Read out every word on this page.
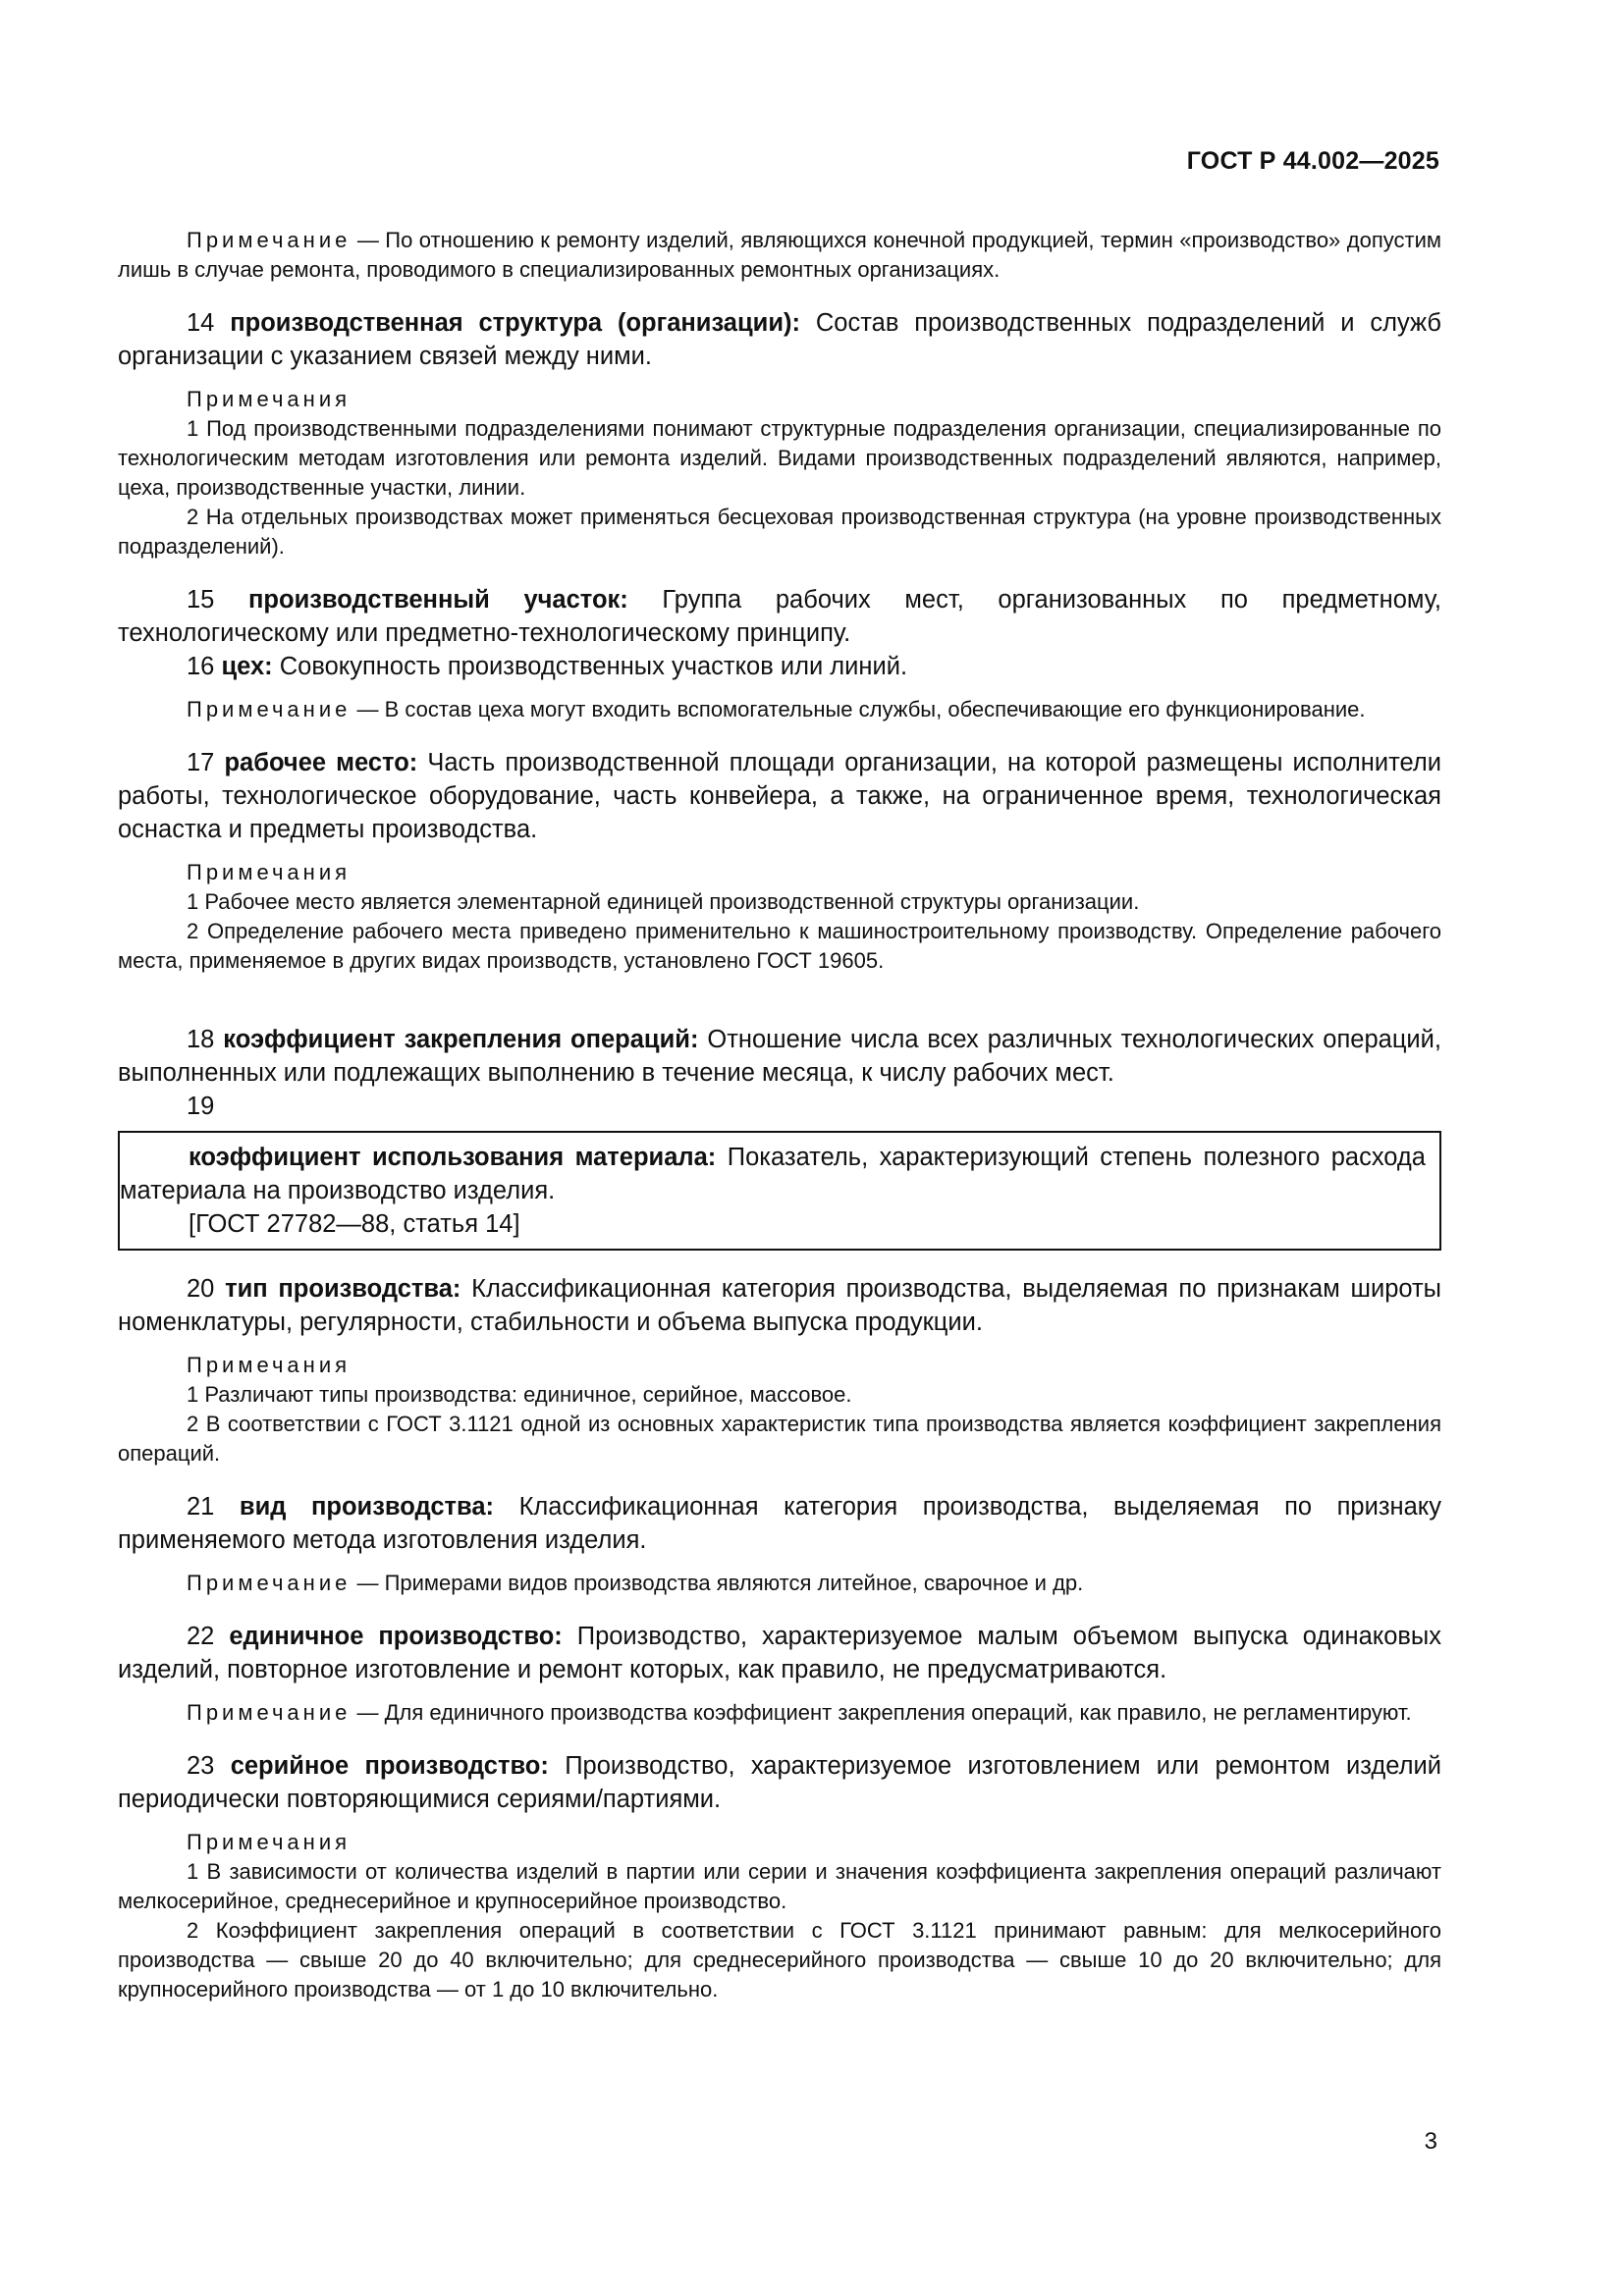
ГОСТ Р 44.002—2025

Примечание — По отношению к ремонту изделий, являющихся конечной продукцией, термин «производство» допустим лишь в случае ремонта, проводимого в специализированных ремонтных организациях.

14 производственная структура (организации): Состав производственных подразделений и служб организации с указанием связей между ними.

Примечания

1 Под производственными подразделениями понимают структурные подразделения организации, специализированные по технологическим методам изготовления или ремонта изделий. Видами производственных подразделений являются, например, цеха, производственные участки, линии.

2 На отдельных производствах может применяться бесцеховая производственная структура (на уровне производственных подразделений).

15 производственный участок: Группа рабочих мест, организованных по предметному, технологическому или предметно-технологическому принципу.

16 цех: Совокупность производственных участков или линий.

Примечание — В состав цеха могут входить вспомогательные службы, обеспечивающие его функционирование.

17 рабочее место: Часть производственной площади организации, на которой размещены исполнители работы, технологическое оборудование, часть конвейера, а также, на ограниченное время, технологическая оснастка и предметы производства.

Примечания

1 Рабочее место является элементарной единицей производственной структуры организации.

2 Определение рабочего места приведено применительно к машиностроительному производству. Определение рабочего места, применяемое в других видах производств, установлено ГОСТ 19605.

18 коэффициент закрепления операций: Отношение числа всех различных технологических операций, выполненных или подлежащих выполнению в течение месяца, к числу рабочих мест.

19

коэффициент использования материала: Показатель, характеризующий степень полезного расхода материала на производство изделия.

[ГОСТ 27782—88, статья 14]

20 тип производства: Классификационная категория производства, выделяемая по признакам широты номенклатуры, регулярности, стабильности и объема выпуска продукции.

Примечания

1 Различают типы производства: единичное, серийное, массовое.

2 В соответствии с ГОСТ 3.1121 одной из основных характеристик типа производства является коэффициент закрепления операций.

21 вид производства: Классификационная категория производства, выделяемая по признаку применяемого метода изготовления изделия.

Примечание — Примерами видов производства являются литейное, сварочное и др.

22 единичное производство: Производство, характеризуемое малым объемом выпуска одинаковых изделий, повторное изготовление и ремонт которых, как правило, не предусматриваются.

Примечание — Для единичного производства коэффициент закрепления операций, как правило, не регламентируют.

23 серийное производство: Производство, характеризуемое изготовлением или ремонтом изделий периодически повторяющимися сериями/партиями.

Примечания

1 В зависимости от количества изделий в партии или серии и значения коэффициента закрепления операций различают мелкосерийное, среднесерийное и крупносерийное производство.

2 Коэффициент закрепления операций в соответствии с ГОСТ 3.1121 принимают равным: для мелкосерийного производства — свыше 20 до 40 включительно; для среднесерийного производства — свыше 10 до 20 включительно; для крупносерийного производства — от 1 до 10 включительно.

3
